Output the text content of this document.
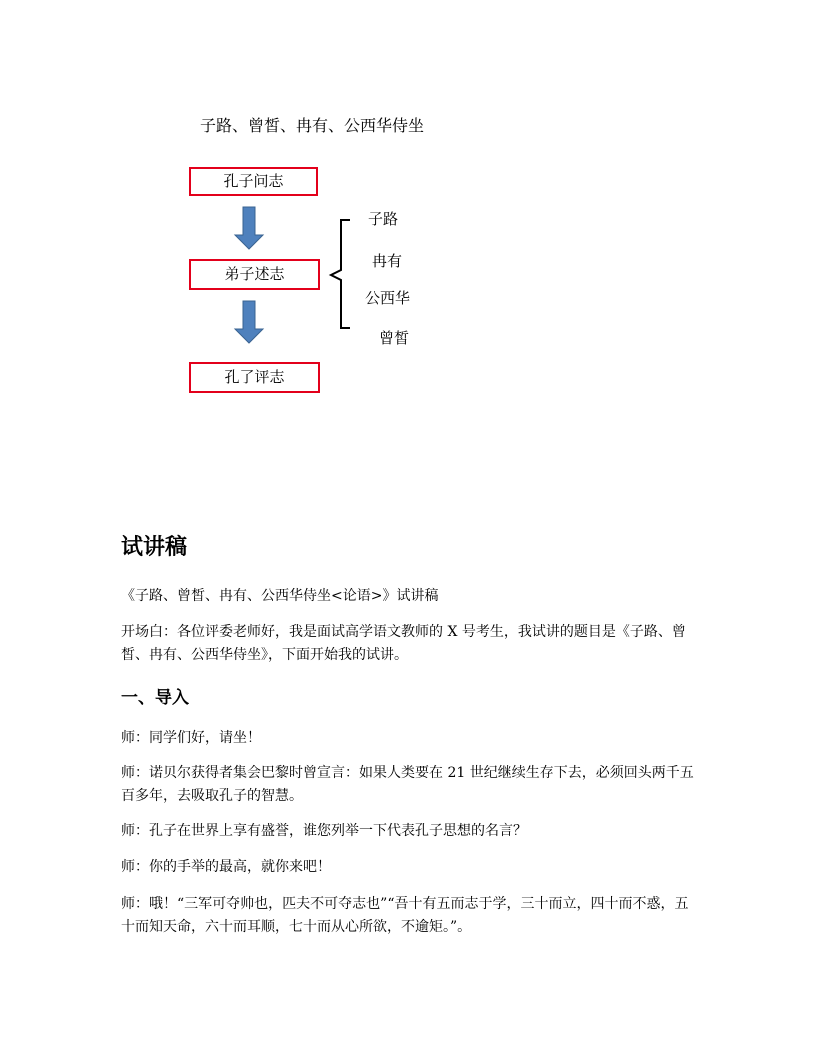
子路、曾皙、冉有、公西华侍坐
孔子问志
弟子述志
孔了评志
子路
冉有
公西华
曾皙
试讲稿
《子路、曾皙、冉有、公西华侍坐<论语>》试讲稿
开场白：各位评委老师好，我是面试高学语文教师的 X 号考生，我试讲的题目是《子路、曾皙、冉有、公西华侍坐》，下面开始我的试讲。
一、导入
师：同学们好，请坐！
师：诺贝尔获得者集会巴黎时曾宣言：如果人类要在 21 世纪继续生存下去，必须回头两千五百多年，去吸取孔子的智慧。
师：孔子在世界上享有盛誉，谁您列举一下代表孔子思想的名言？
师：你的手举的最高，就你来吧！
师：哦！“三军可夺帅也，匹夫不可夺志也”“吾十有五而志于学，三十而立，四十而不惑，五十而知天命，六十而耳顺，七十而从心所欲，不逾矩。”。
